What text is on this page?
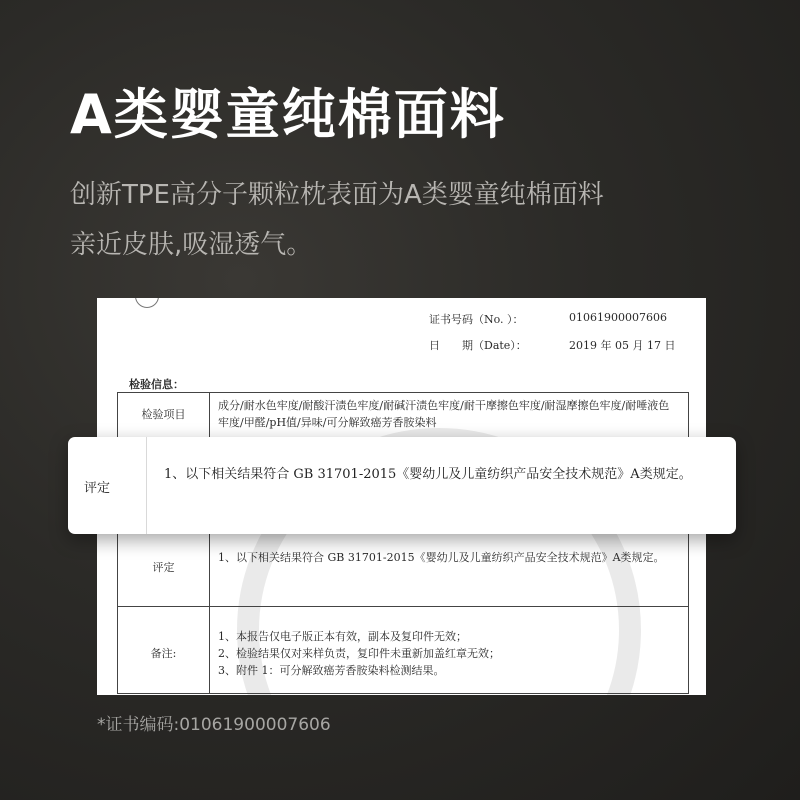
A类婴童纯棉面料

创新TPE高分子颗粒枕表面为A类婴童纯棉面料

亲近皮肤,吸湿透气。

证书号码（No. ）：	01061900007606
日　　期（Date）：	2019 年 05 月 17 日
检验信息：
检验项目
成分/耐水色牢度/耐酸汗渍色牢度/耐碱汗渍色牢度/耐干摩擦色牢度/耐湿摩擦色牢度/耐唾液色牢度/甲醛/pH值/异味/可分解致癌芳香胺染料
评定
1、以下相关结果符合 GB 31701-2015《婴幼儿及儿童纺织产品安全技术规范》A类规定。
备注:
1、本报告仅电子版正本有效，副本及复印件无效；
2、检验结果仅对来样负责，复印件未重新加盖红章无效；
3、附件 1：可分解致癌芳香胺染料检测结果。
评定
1、以下相关结果符合 GB 31701-2015《婴幼儿及儿童纺织产品安全技术规范》A类规定。

*证书编码:01061900007606
